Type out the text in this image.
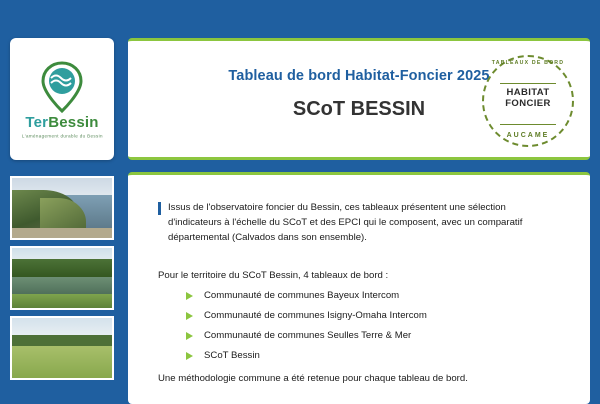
TerBessin
L'aménagement durable du Bessin
Tableau de bord Habitat-Foncier 2025
SCoT BESSIN
TABLEAUX DE BORD
HABITAT
FONCIER
AUCAME
Issus de l'observatoire foncier du Bessin, ces tableaux présentent une sélection d'indicateurs à l'échelle du SCoT et des EPCI qui le composent, avec un comparatif départemental (Calvados dans son ensemble).
Pour le territoire du SCoT Bessin, 4 tableaux de bord :
Communauté de communes Bayeux Intercom
Communauté de communes Isigny-Omaha Intercom
Communauté de communes Seulles Terre & Mer
SCoT Bessin
Une méthodologie commune a été retenue pour chaque tableau de bord.
